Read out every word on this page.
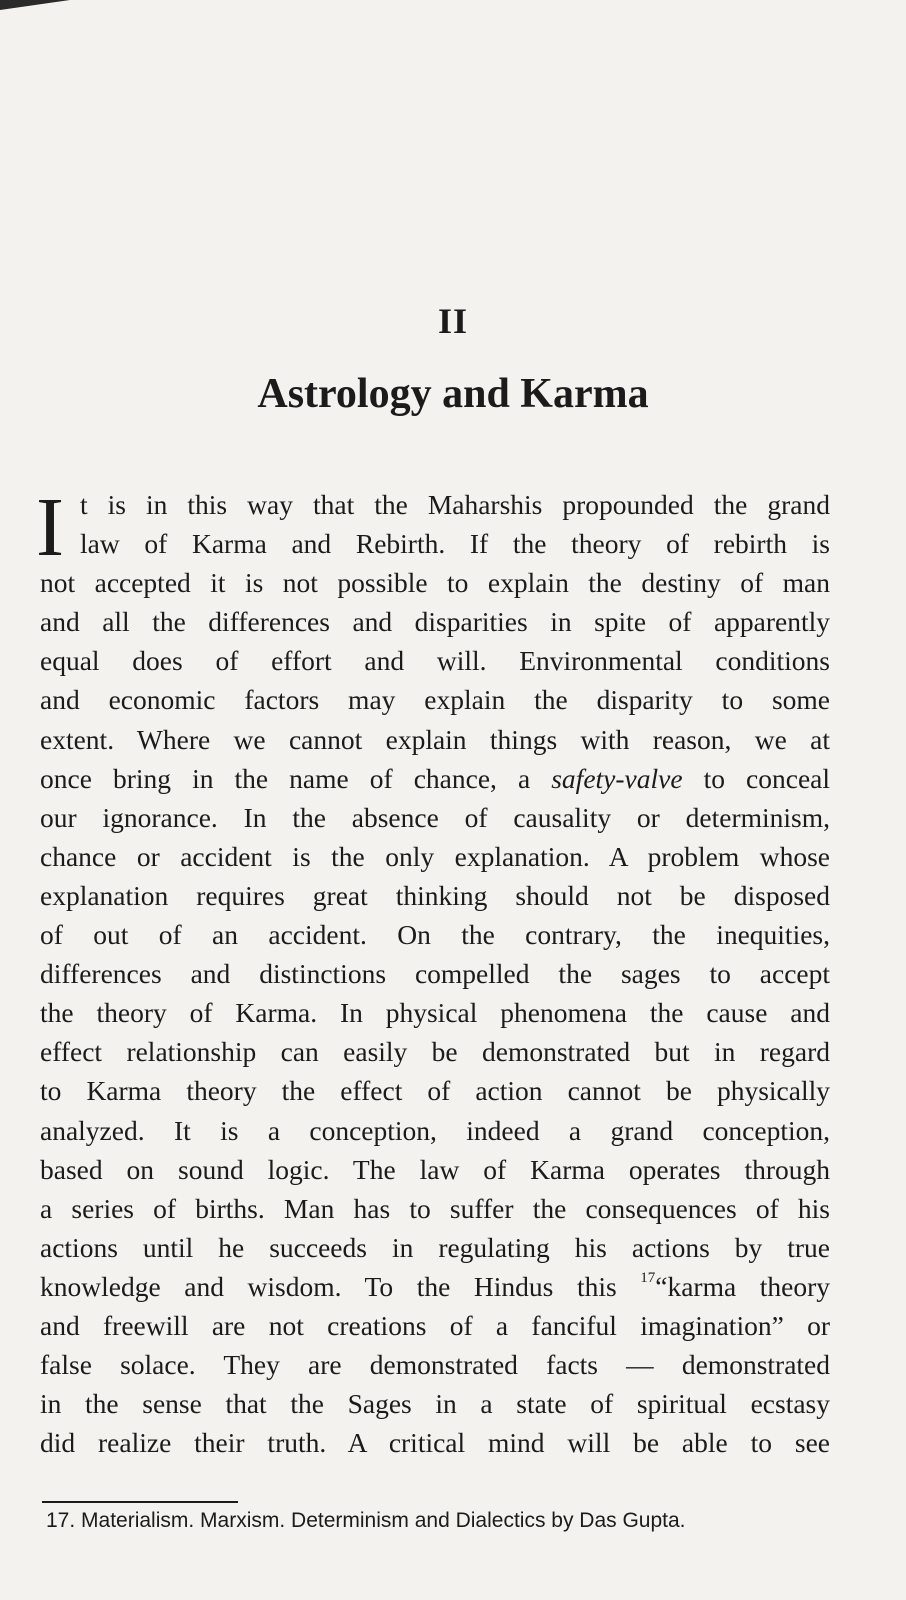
II
Astrology and Karma
I t is in this way that the Maharshis propounded the grand
law of Karma and Rebirth. If the theory of rebirth is
not accepted it is not possible to explain the destiny of man
and all the differences and disparities in spite of apparently
equal does of effort and will. Environmental conditions
and economic factors may explain the disparity to some
extent. Where we cannot explain things with reason, we at
once bring in the name of chance, a safety-valve to conceal
our ignorance. In the absence of causality or determinism,
chance or accident is the only explanation. A problem whose
explanation requires great thinking should not be disposed
of out of an accident. On the contrary, the inequities,
differences and distinctions compelled the sages to accept
the theory of Karma. In physical phenomena the cause and
effect relationship can easily be demonstrated but in regard
to Karma theory the effect of action cannot be physically
analyzed. It is a conception, indeed a grand conception,
based on sound logic. The law of Karma operates through
a series of births. Man has to suffer the consequences of his
actions until he succeeds in regulating his actions by true
knowledge and wisdom. To the Hindus this $^{17}$“karma theory
and freewill are not creations of a fanciful imagination” or
false solace. They are demonstrated facts — demonstrated
in the sense that the Sages in a state of spiritual ecstasy
did realize their truth. A critical mind will be able to see
17. Materialism. Marxism. Determinism and Dialectics by Das Gupta.
